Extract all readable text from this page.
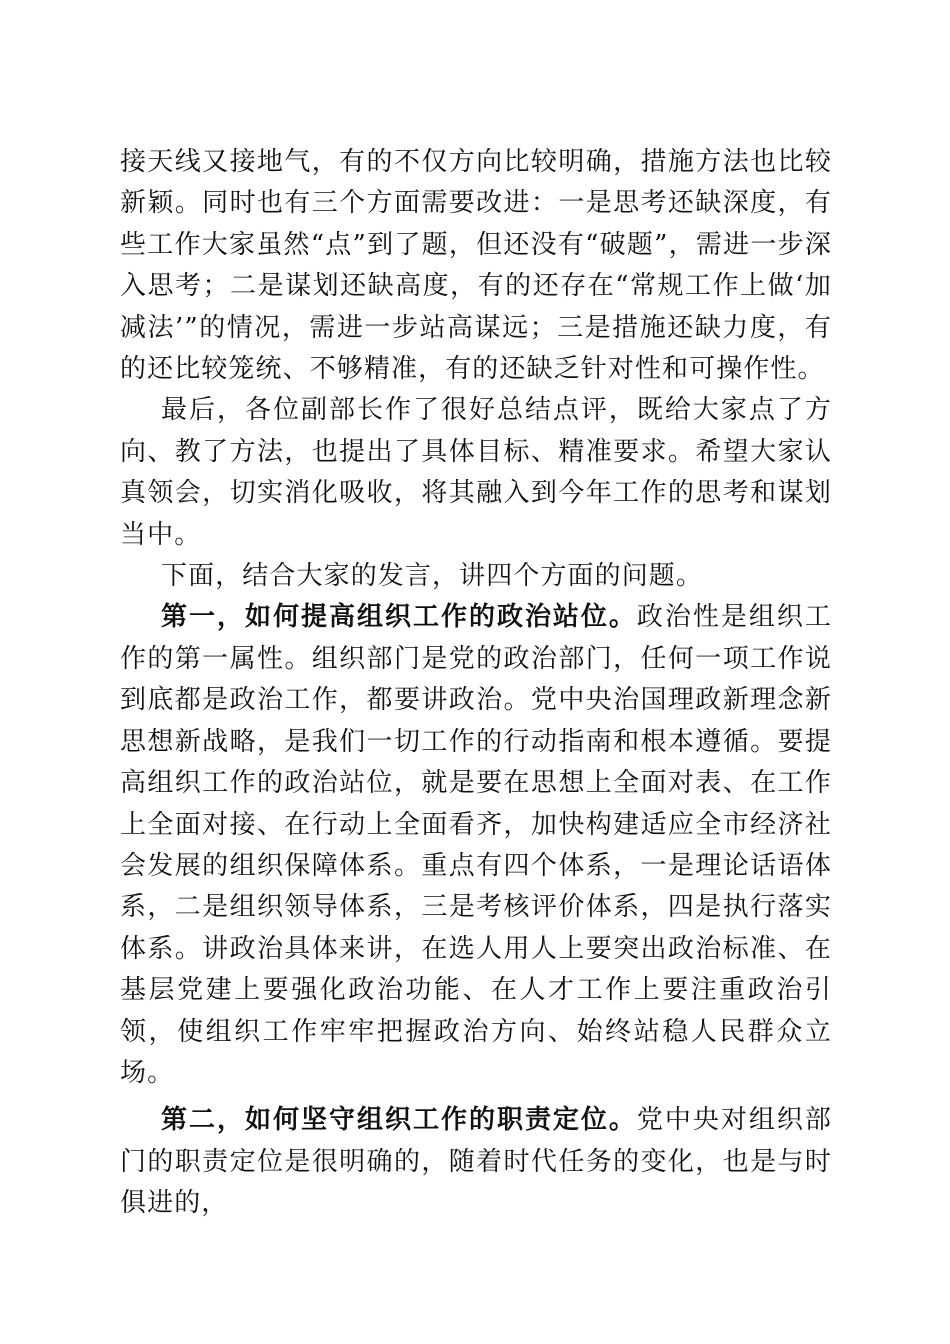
接天线又接地气，有的不仅方向比较明确，措施方法也比较新颖。同时也有三个方面需要改进：一是思考还缺深度，有些工作大家虽然“点”到了题，但还没有“破题”，需进一步深入思考；二是谋划还缺高度，有的还存在“常规工作上做‘加减法’”的情况，需进一步站高谋远；三是措施还缺力度，有的还比较笼统、不够精准，有的还缺乏针对性和可操作性。

最后，各位副部长作了很好总结点评，既给大家点了方向、教了方法，也提出了具体目标、精准要求。希望大家认真领会，切实消化吸收，将其融入到今年工作的思考和谋划当中。

下面，结合大家的发言，讲四个方面的问题。

第一，如何提高组织工作的政治站位。政治性是组织工作的第一属性。组织部门是党的政治部门，任何一项工作说到底都是政治工作，都要讲政治。党中央治国理政新理念新思想新战略，是我们一切工作的行动指南和根本遵循。要提高组织工作的政治站位，就是要在思想上全面对表、在工作上全面对接、在行动上全面看齐，加快构建适应全市经济社会发展的组织保障体系。重点有四个体系，一是理论话语体系，二是组织领导体系，三是考核评价体系，四是执行落实体系。讲政治具体来讲，在选人用人上要突出政治标准、在基层党建上要强化政治功能、在人才工作上要注重政治引领，使组织工作牢牢把握政治方向、始终站稳人民群众立场。

第二，如何坚守组织工作的职责定位。党中央对组织部门的职责定位是很明确的，随着时代任务的变化，也是与时俱进的，
